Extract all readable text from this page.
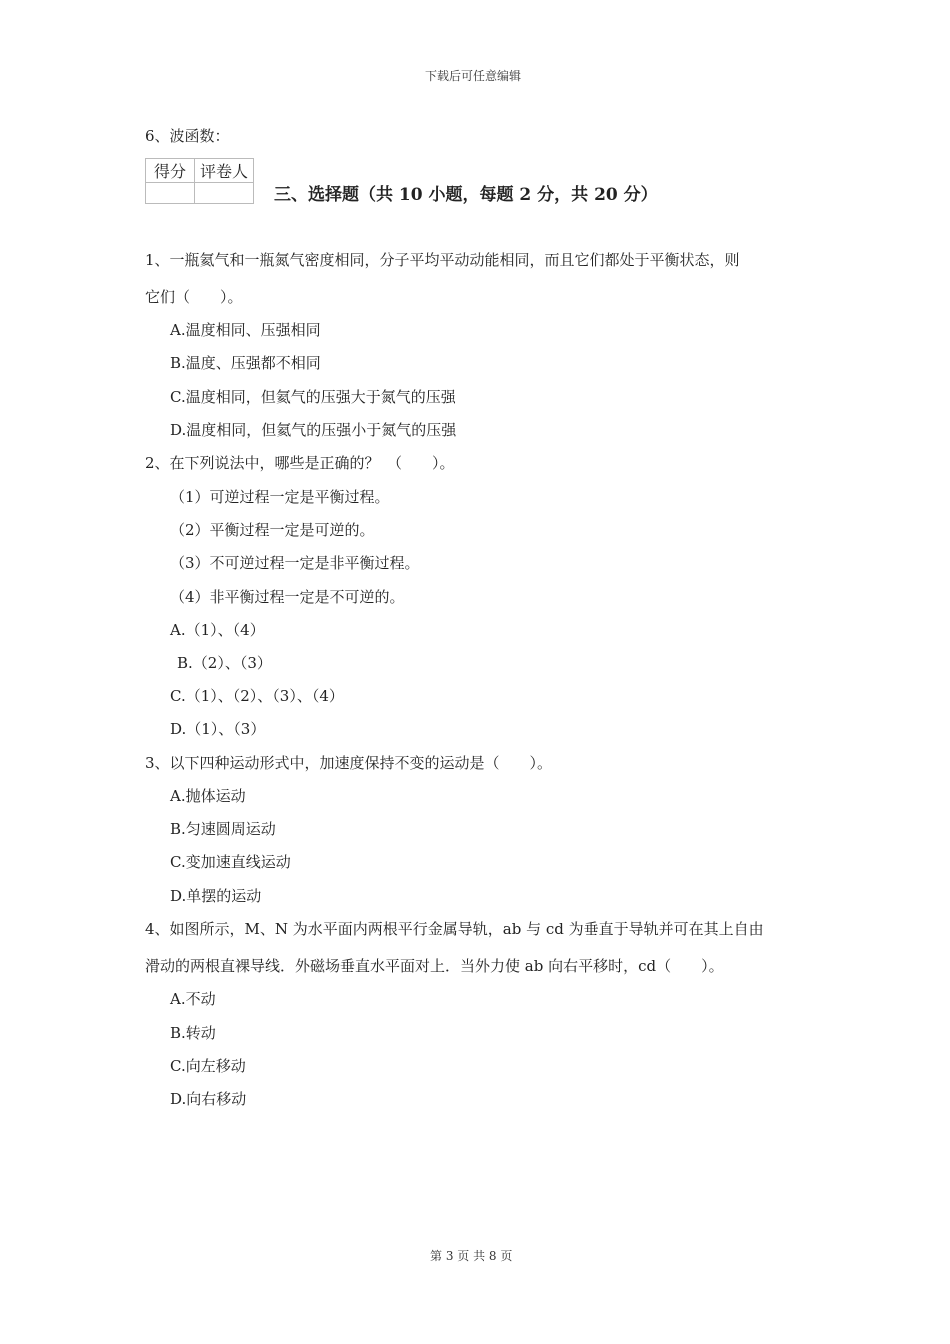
下载后可任意编辑
6、波函数：
得分	评卷人

三、选择题（共 10 小题，每题 2 分，共 20 分）
1、一瓶氦气和一瓶氮气密度相同，分子平均平动动能相同，而且它们都处于平衡状态，则
它们（　　）。
A.温度相同、压强相同
B.温度、压强都不相同
C.温度相同，但氦气的压强大于氮气的压强
D.温度相同，但氦气的压强小于氮气的压强
2、在下列说法中，哪些是正确的？　（　　）。
（1）可逆过程一定是平衡过程。
（2）平衡过程一定是可逆的。
（3）不可逆过程一定是非平衡过程。
（4）非平衡过程一定是不可逆的。
A.（1）、（4）
B.（2）、（3）
C.（1）、（2）、（3）、（4）
D.（1）、（3）
3、以下四种运动形式中，加速度保持不变的运动是（　　）。
A.抛体运动
B.匀速圆周运动
C.变加速直线运动
D.单摆的运动
4、如图所示，M、N 为水平面内两根平行金属导轨，ab 与 cd 为垂直于导轨并可在其上自由
滑动的两根直裸导线．外磁场垂直水平面对上．当外力使 ab 向右平移时，cd（　　）。
A.不动
B.转动
C.向左移动
D.向右移动
第 3 页 共 8 页
